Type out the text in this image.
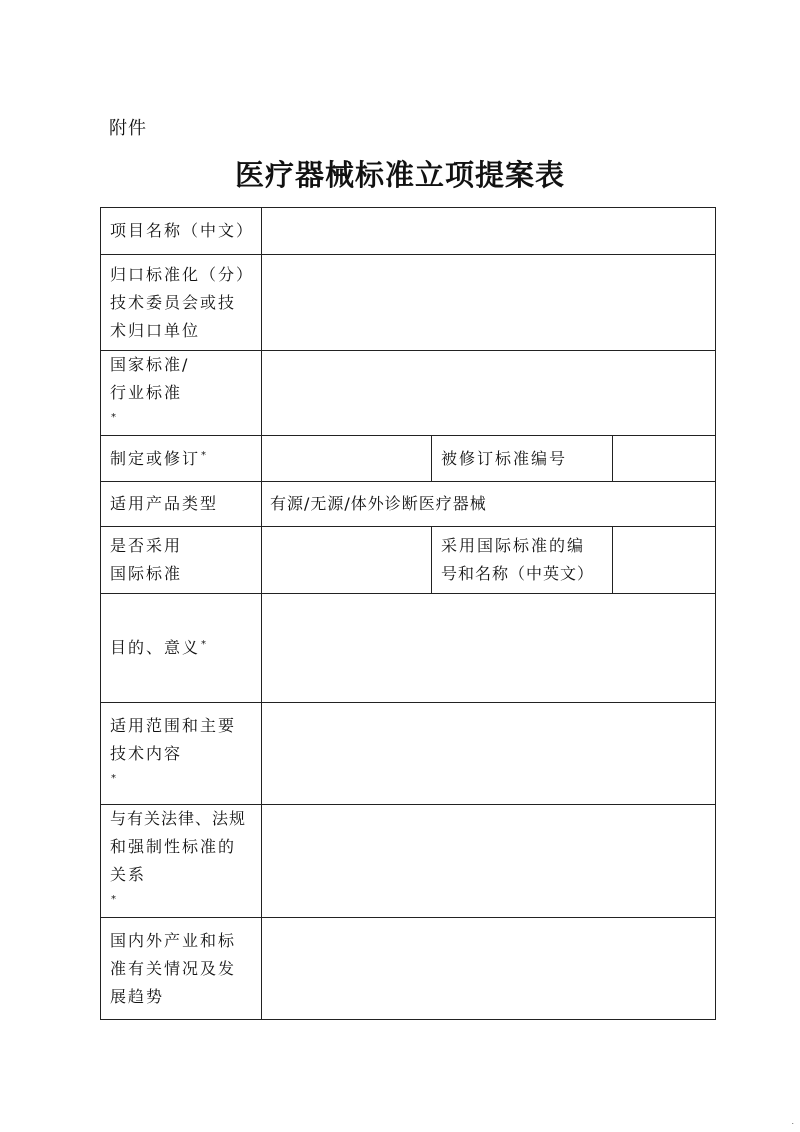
附件
医疗器械标准立项提案表
项目名称（中文）			

归口标准化（分）
技术委员会或技
术归口单位			

国家标准/
行业标准
*

制定或修订*		被修订标准编号	
适用产品类型	有源/无源/体外诊断医疗器械		

是否采用
国际标准		采用国际标准的编
号和名称（中英文）	

目的、意义*	

适用范围和主要
技术内容
*

与有关法律、法规
和强制性标准的
关系
*

国内外产业和标
准有关情况及发
展趋势			

.
